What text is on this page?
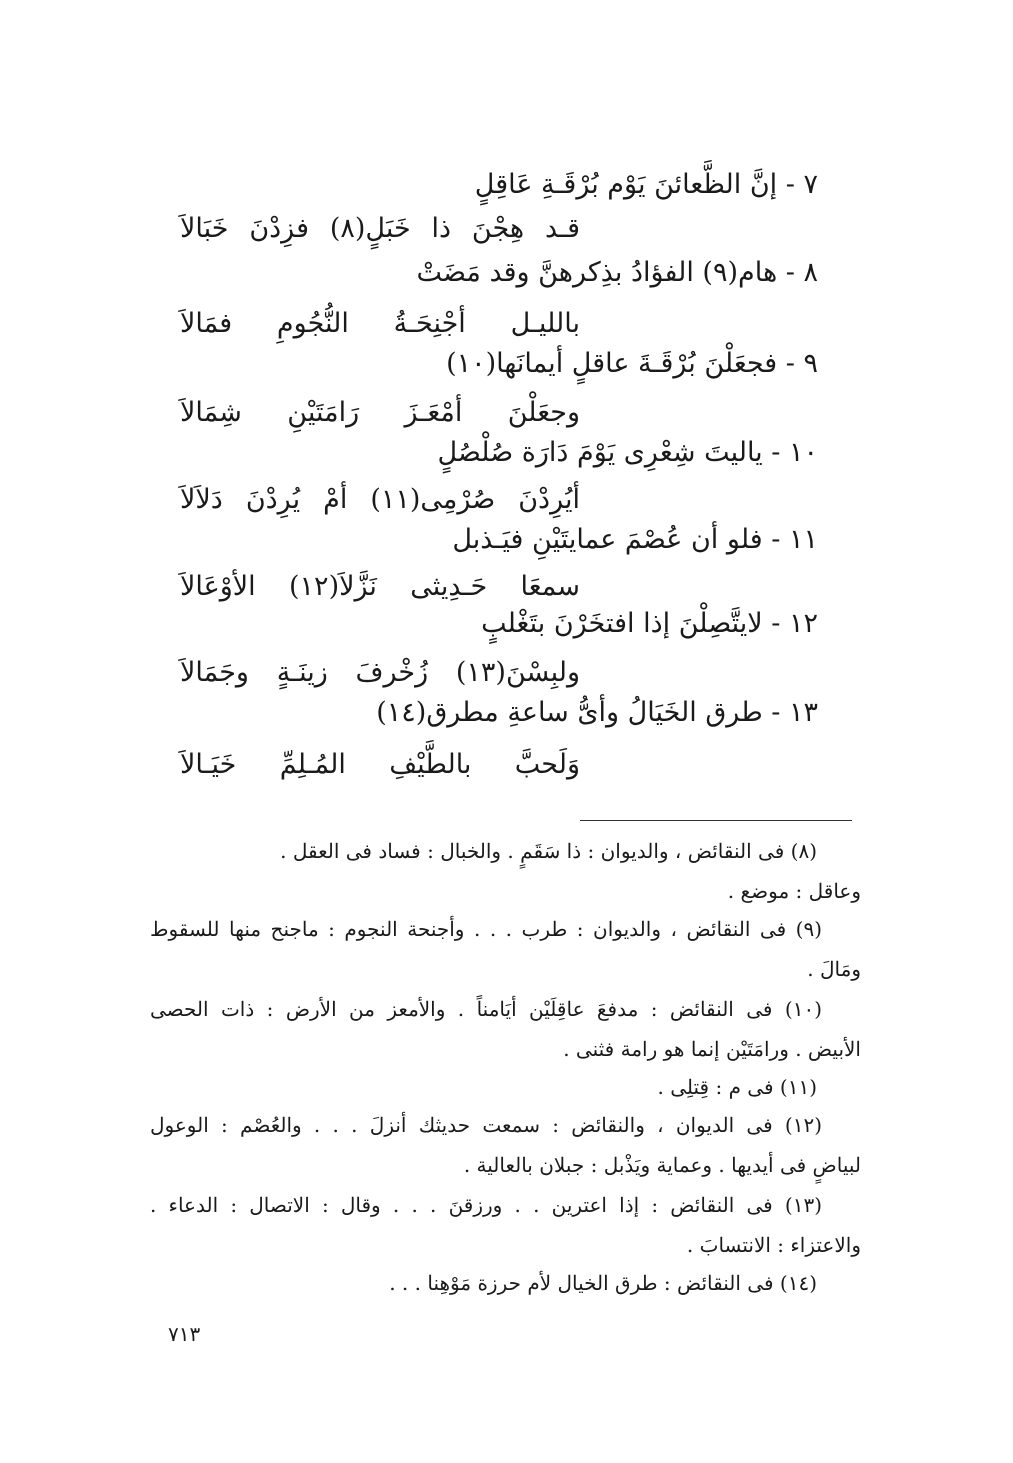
٧ - إنَّ الظَّعائنَ يَوْم بُرْقَـةِ عَاقِلٍ
قـد هِجْنَ ذا خَبَلٍ(٨) فزِدْنَ خَبَالاَ
٨ - هام(٩) الفؤادُ بذِكرهنَّ وقد مَضَتْ
بالليـل أجْنِحَـةُ النُّجُومِ فمَالاَ
٩ - فجعَلْنَ بُرْقَـةَ عاقلٍ أيمانَها(١٠)
وجعَلْنَ أمْعَـزَ رَامَتَيْنِ شِمَالاَ
١٠ - ياليتَ شِعْرِى يَوْمَ دَارَة صُلْصُلٍ
أيُرِدْنَ صُرْمِى(١١) أمْ يُرِدْنَ دَلاَلاَ
١١ - فلو أن عُصْمَ عمايتَيْنِ فيَـذبل
سمعَا حَـدِيثى نَزَّلاَ(١٢) الأوْعَالاَ
١٢ - لايتَّصِلْنَ إذا افتخَرْنَ بتَغْلبٍ
ولبِسْنَ(١٣) زُخْرفَ زينَـةٍ وجَمَالاَ
١٣ - طرق الخَيَالُ وأىُّ ساعةِ مطرق(١٤)
وَلَحبَّ بالطَّيْفِ المُـلِمِّ خَيَـالاَ
(٨) فى النقائض ، والديوان : ذا سَقَمٍ . والخبال : فساد فى العقل .
وعاقل : موضع .
(٩) فى النقائض ، والديوان : طرب . . . وأجنحة النجوم : ماجنح منها للسقوط
ومَالَ .
(١٠) فى النقائض : مدفعَ عاقِلَيْن أيَامناً . والأمعز من الأرض : ذات الحصى
الأبيض . ورامَتَيْن إنما هو رامة فثنى .
(١١) فى م : قِتلِى .
(١٢) فى الديوان ، والنقائض : سمعت حديثك أنزلَ . . . والعُصْم : الوعول
لبياضٍ فى أيديها . وعماية ويَذْبل : جبلان بالعالية .
(١٣) فى النقائض : إذا اعترين . . ورزقنَ . . . وقال : الاتصال : الدعاء .
والاعتزاء : الانتسابَ .
(١٤) فى النقائض : طرق الخيال لأم حرزة مَوْهِنا . . .
٧١٣
